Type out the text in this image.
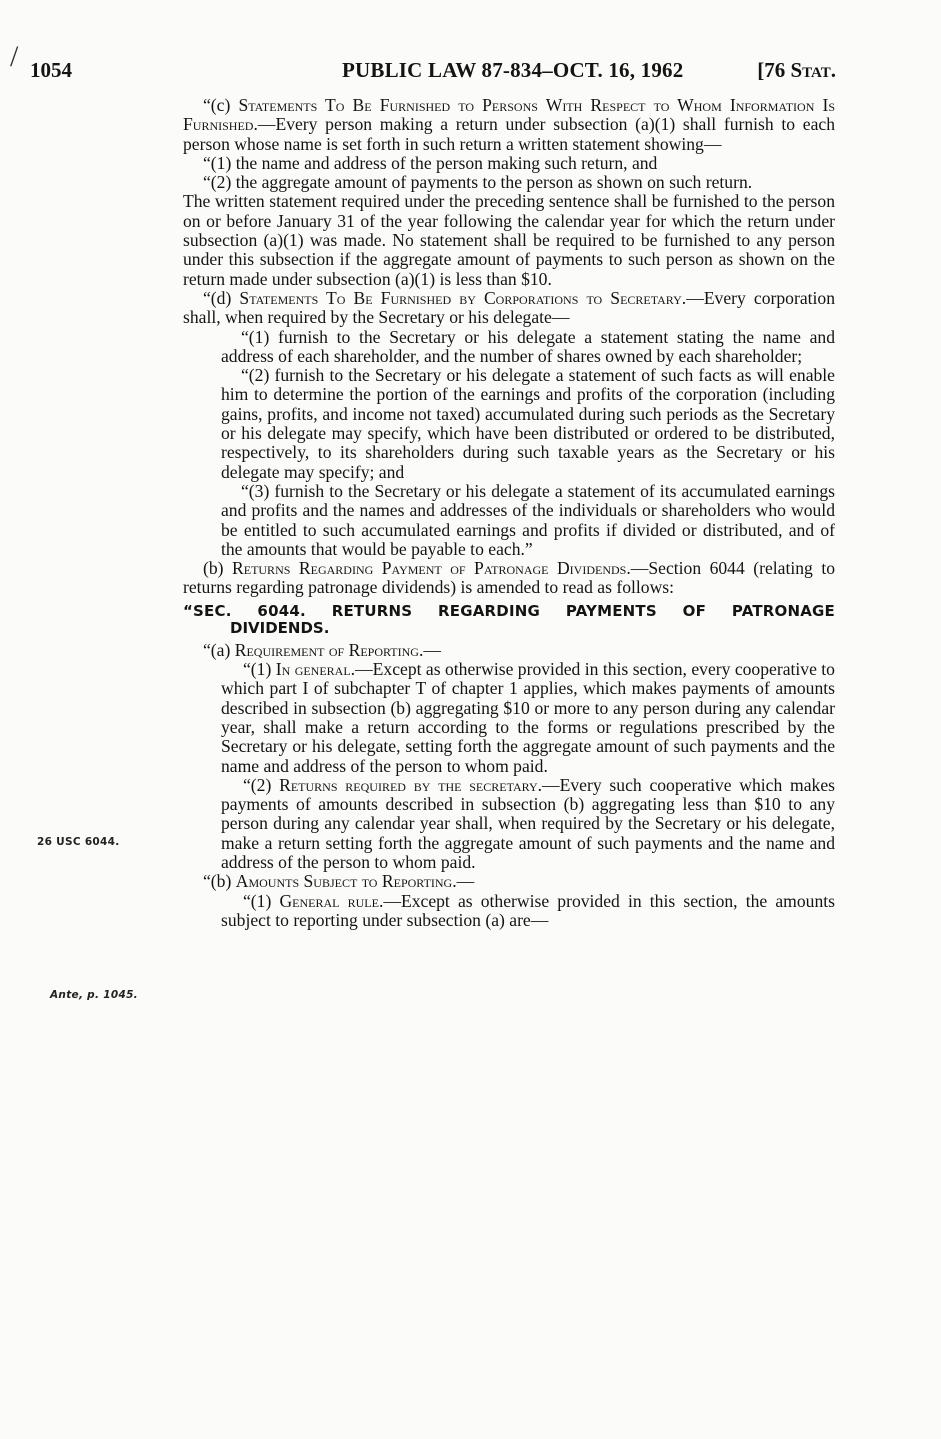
/ 1054	PUBLIC LAW 87-834–OCT. 16, 1962	[76 Stat.
26 USC 6044.
Ante, p. 1045.

“(c) Statements To Be Furnished to Persons With Respect to Whom Information Is Furnished.—Every person making a return under subsection (a)(1) shall furnish to each person whose name is set forth in such return a written statement showing—

“(1) the name and address of the person making such return, and

“(2) the aggregate amount of payments to the person as shown on such return.

The written statement required under the preceding sentence shall be furnished to the person on or before January 31 of the year following the calendar year for which the return under subsection (a)(1) was made. No statement shall be required to be furnished to any person under this subsection if the aggregate amount of payments to such person as shown on the return made under subsection (a)(1) is less than $10.

“(d) Statements To Be Furnished by Corporations to Secretary.—Every corporation shall, when required by the Secretary or his delegate—

“(1) furnish to the Secretary or his delegate a statement stating the name and address of each shareholder, and the number of shares owned by each shareholder;

“(2) furnish to the Secretary or his delegate a statement of such facts as will enable him to determine the portion of the earnings and profits of the corporation (including gains, profits, and income not taxed) accumulated during such periods as the Secretary or his delegate may specify, which have been distributed or ordered to be distributed, respectively, to its shareholders during such taxable years as the Secretary or his delegate may specify; and

“(3) furnish to the Secretary or his delegate a statement of its accumulated earnings and profits and the names and addresses of the individuals or shareholders who would be entitled to such accumulated earnings and profits if divided or distributed, and of the amounts that would be payable to each.”

(b) Returns Regarding Payment of Patronage Dividends.—Section 6044 (relating to returns regarding patronage dividends) is amended to read as follows:

“SEC. 6044. RETURNS REGARDING PAYMENTS OF PATRONAGE

DIVIDENDS.

“(a) Requirement of Reporting.—

“(1) In general.—Except as otherwise provided in this section, every cooperative to which part I of subchapter T of chapter 1 applies, which makes payments of amounts described in subsection (b) aggregating $10 or more to any person during any calendar year, shall make a return according to the forms or regulations prescribed by the Secretary or his delegate, setting forth the aggregate amount of such payments and the name and address of the person to whom paid.

“(2) Returns required by the secretary.—Every such cooperative which makes payments of amounts described in subsection (b) aggregating less than $10 to any person during any calendar year shall, when required by the Secretary or his delegate, make a return setting forth the aggregate amount of such payments and the name and address of the person to whom paid.

“(b) Amounts Subject to Reporting.—

“(1) General rule.—Except as otherwise provided in this section, the amounts subject to reporting under subsection (a) are—
